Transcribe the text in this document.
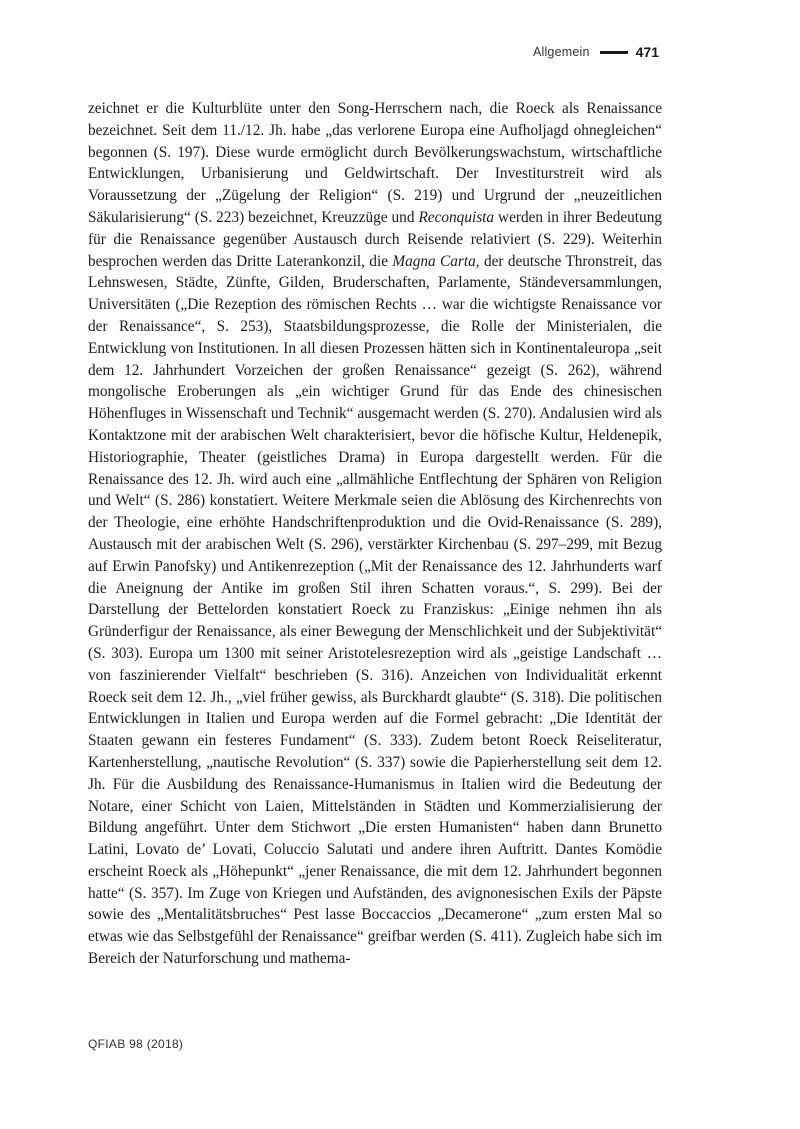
Allgemein	471

zeichnet er die Kulturblüte unter den Song-Herrschern nach, die Roeck als Renaissance bezeichnet. Seit dem 11./12. Jh. habe „das verlorene Europa eine Aufholjagd ohnegleichen“ begonnen (S. 197). Diese wurde ermöglicht durch Bevölkerungswachstum, wirtschaftliche Entwicklungen, Urbanisierung und Geldwirtschaft. Der Investiturstreit wird als Voraussetzung der „Zügelung der Religion“ (S. 219) und Urgrund der „neuzeitlichen Säkularisierung“ (S. 223) bezeichnet, Kreuzzüge und Reconquista werden in ihrer Bedeutung für die Renaissance gegenüber Austausch durch Reisende relativiert (S. 229). Weiterhin besprochen werden das Dritte Laterankonzil, die Magna Carta, der deutsche Thronstreit, das Lehnswesen, Städte, Zünfte, Gilden, Bruderschaften, Parlamente, Ständeversammlungen, Universitäten („Die Rezeption des römischen Rechts … war die wichtigste Renaissance vor der Renaissance“, S. 253), Staatsbildungsprozesse, die Rolle der Ministerialen, die Entwicklung von Institutionen. In all diesen Prozessen hätten sich in Kontinentaleuropa „seit dem 12. Jahrhundert Vorzeichen der großen Renaissance“ gezeigt (S. 262), während mongolische Eroberungen als „ein wichtiger Grund für das Ende des chinesischen Höhenfluges in Wissenschaft und Technik“ ausgemacht werden (S. 270). Andalusien wird als Kontaktzone mit der arabischen Welt charakterisiert, bevor die höfische Kultur, Heldenepik, Historiographie, Theater (geistliches Drama) in Europa dargestellt werden. Für die Renaissance des 12. Jh. wird auch eine „allmähliche Entflechtung der Sphären von Religion und Welt“ (S. 286) konstatiert. Weitere Merkmale seien die Ablösung des Kirchenrechts von der Theologie, eine erhöhte Handschriftenproduktion und die Ovid-Renaissance (S. 289), Austausch mit der arabischen Welt (S. 296), verstärkter Kirchenbau (S. 297–299, mit Bezug auf Erwin Panofsky) und Antikenrezeption („Mit der Renaissance des 12. Jahrhunderts warf die Aneignung der Antike im großen Stil ihren Schatten voraus.“, S. 299). Bei der Darstellung der Bettelorden konstatiert Roeck zu Franziskus: „Einige nehmen ihn als Gründerfigur der Renaissance, als einer Bewegung der Menschlichkeit und der Subjektivität“ (S. 303). Europa um 1300 mit seiner Aristotelesrezeption wird als „geistige Landschaft … von faszinierender Vielfalt“ beschrieben (S. 316). Anzeichen von Individualität erkennt Roeck seit dem 12. Jh., „viel früher gewiss, als Burckhardt glaubte“ (S. 318). Die politischen Entwicklungen in Italien und Europa werden auf die Formel gebracht: „Die Identität der Staaten gewann ein festeres Fundament“ (S. 333). Zudem betont Roeck Reiseliteratur, Kartenherstellung, „nautische Revolution“ (S. 337) sowie die Papierherstellung seit dem 12. Jh. Für die Ausbildung des Renaissance-Humanismus in Italien wird die Bedeutung der Notare, einer Schicht von Laien, Mittelständen in Städten und Kommerzialisierung der Bildung angeführt. Unter dem Stichwort „Die ersten Humanisten“ haben dann Brunetto Latini, Lovato de’ Lovati, Coluccio Salutati und andere ihren Auftritt. Dantes Komödie erscheint Roeck als „Höhepunkt“ „jener Renaissance, die mit dem 12. Jahrhundert begonnen hatte“ (S. 357). Im Zuge von Kriegen und Aufständen, des avignonesischen Exils der Päpste sowie des „Mentalitätsbruches“ Pest lasse Boccaccios „Decamerone“ „zum ersten Mal so etwas wie das Selbstgefühl der Renaissance“ greifbar werden (S. 411). Zugleich habe sich im Bereich der Naturforschung und mathema-

QFIAB 98 (2018)
